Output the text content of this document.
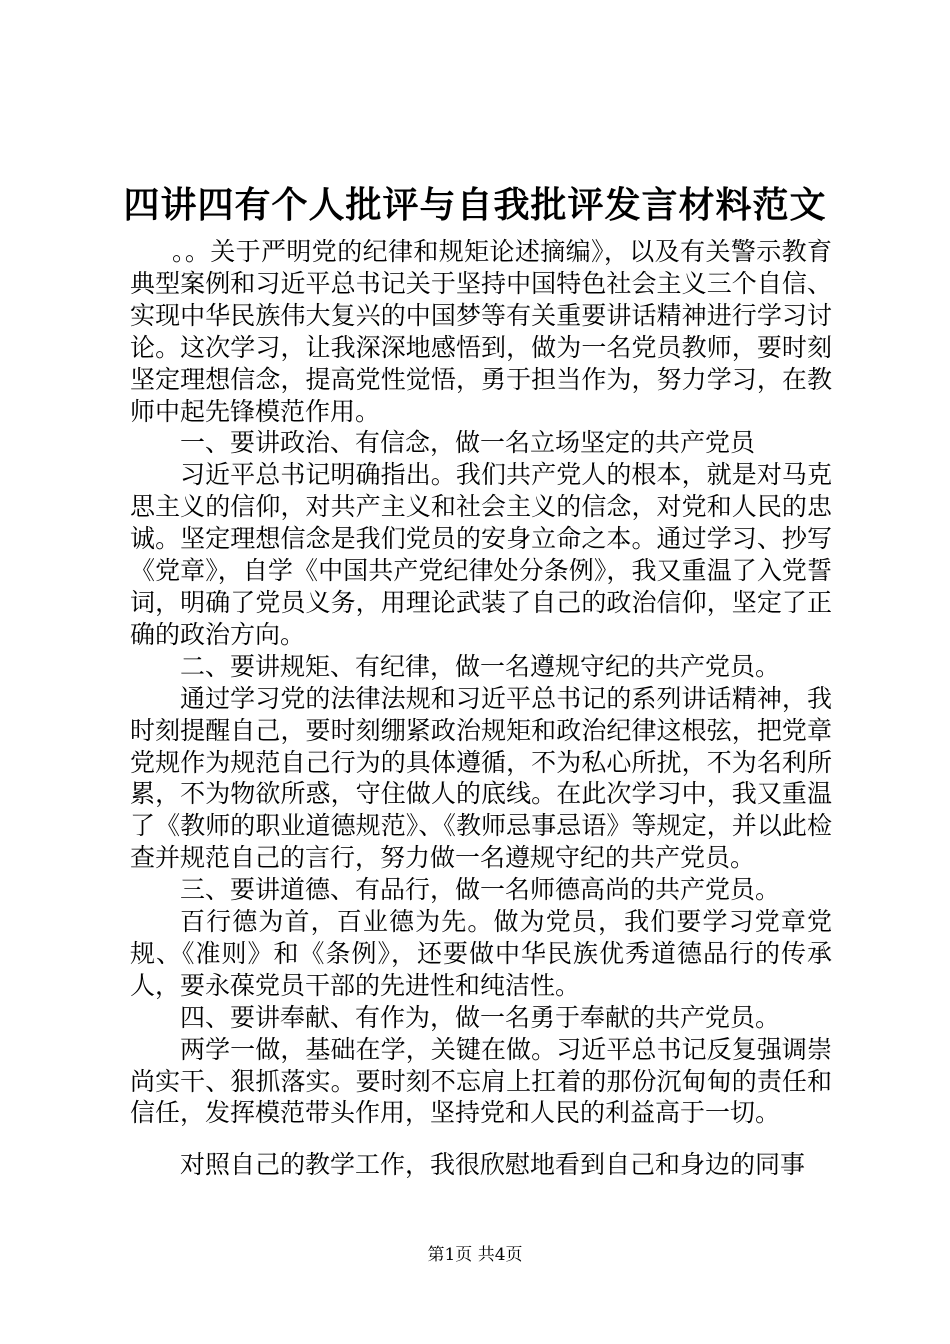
四讲四有个人批评与自我批评发言材料范文

。。关于严明党的纪律和规矩论述摘编》，以及有关警示教育典型案例和习近平总书记关于坚持中国特色社会主义三个自信、实现中华民族伟大复兴的中国梦等有关重要讲话精神进行学习讨论。这次学习，让我深深地感悟到，做为一名党员教师，要时刻坚定理想信念，提高党性觉悟，勇于担当作为，努力学习，在教师中起先锋模范作用。

一、要讲政治、有信念，做一名立场坚定的共产党员

习近平总书记明确指出。我们共产党人的根本，就是对马克思主义的信仰，对共产主义和社会主义的信念，对党和人民的忠诚。坚定理想信念是我们党员的安身立命之本。通过学习、抄写《党章》，自学《中国共产党纪律处分条例》，我又重温了入党誓词，明确了党员义务，用理论武装了自己的政治信仰，坚定了正确的政治方向。

二、要讲规矩、有纪律，做一名遵规守纪的共产党员。

通过学习党的法律法规和习近平总书记的系列讲话精神，我时刻提醒自己，要时刻绷紧政治规矩和政治纪律这根弦，把党章党规作为规范自己行为的具体遵循，不为私心所扰，不为名利所累，不为物欲所惑，守住做人的底线。在此次学习中，我又重温了《教师的职业道德规范》、《教师忌事忌语》等规定，并以此检查并规范自己的言行，努力做一名遵规守纪的共产党员。

三、要讲道德、有品行，做一名师德高尚的共产党员。

百行德为首，百业德为先。做为党员，我们要学习党章党规、《准则》和《条例》，还要做中华民族优秀道德品行的传承人，要永葆党员干部的先进性和纯洁性。

四、要讲奉献、有作为，做一名勇于奉献的共产党员。

两学一做，基础在学，关键在做。习近平总书记反复强调崇尚实干、狠抓落实。要时刻不忘肩上扛着的那份沉甸甸的责任和信任，发挥模范带头作用，坚持党和人民的利益高于一切。

对照自己的教学工作，我很欣慰地看到自己和身边的同事

第1页 共4页
